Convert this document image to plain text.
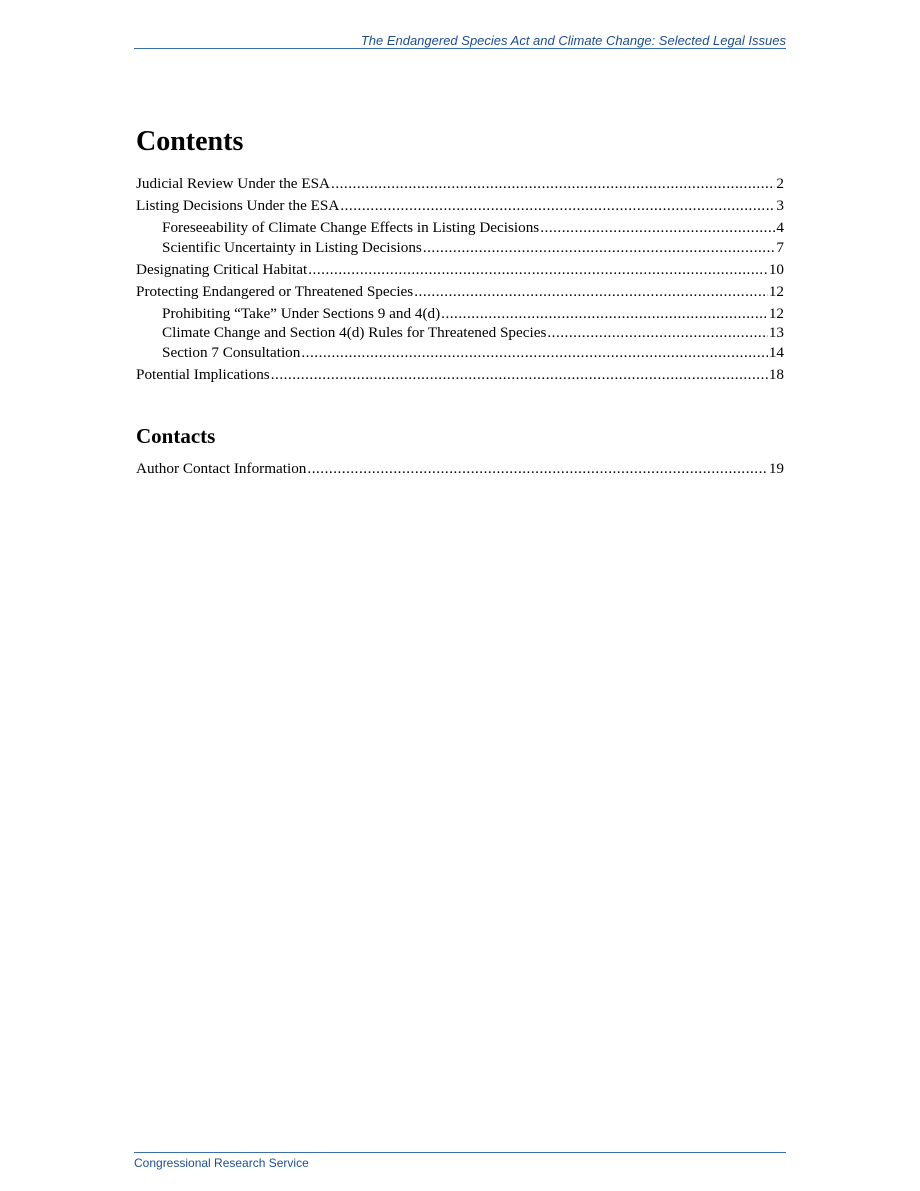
The Endangered Species Act and Climate Change: Selected Legal Issues
Contents
Judicial Review Under the ESA .....	2
Listing Decisions Under the ESA .....	3
Foreseeability of Climate Change Effects in Listing Decisions .....	4
Scientific Uncertainty in Listing Decisions .....	7
Designating Critical Habitat .....	10
Protecting Endangered or Threatened Species .....	12
Prohibiting “Take” Under Sections 9 and 4(d) .....	12
Climate Change and Section 4(d) Rules for Threatened Species .....	13
Section 7 Consultation .....	14
Potential Implications .....	18
Contacts
Author Contact Information .....	19
Congressional Research Service
